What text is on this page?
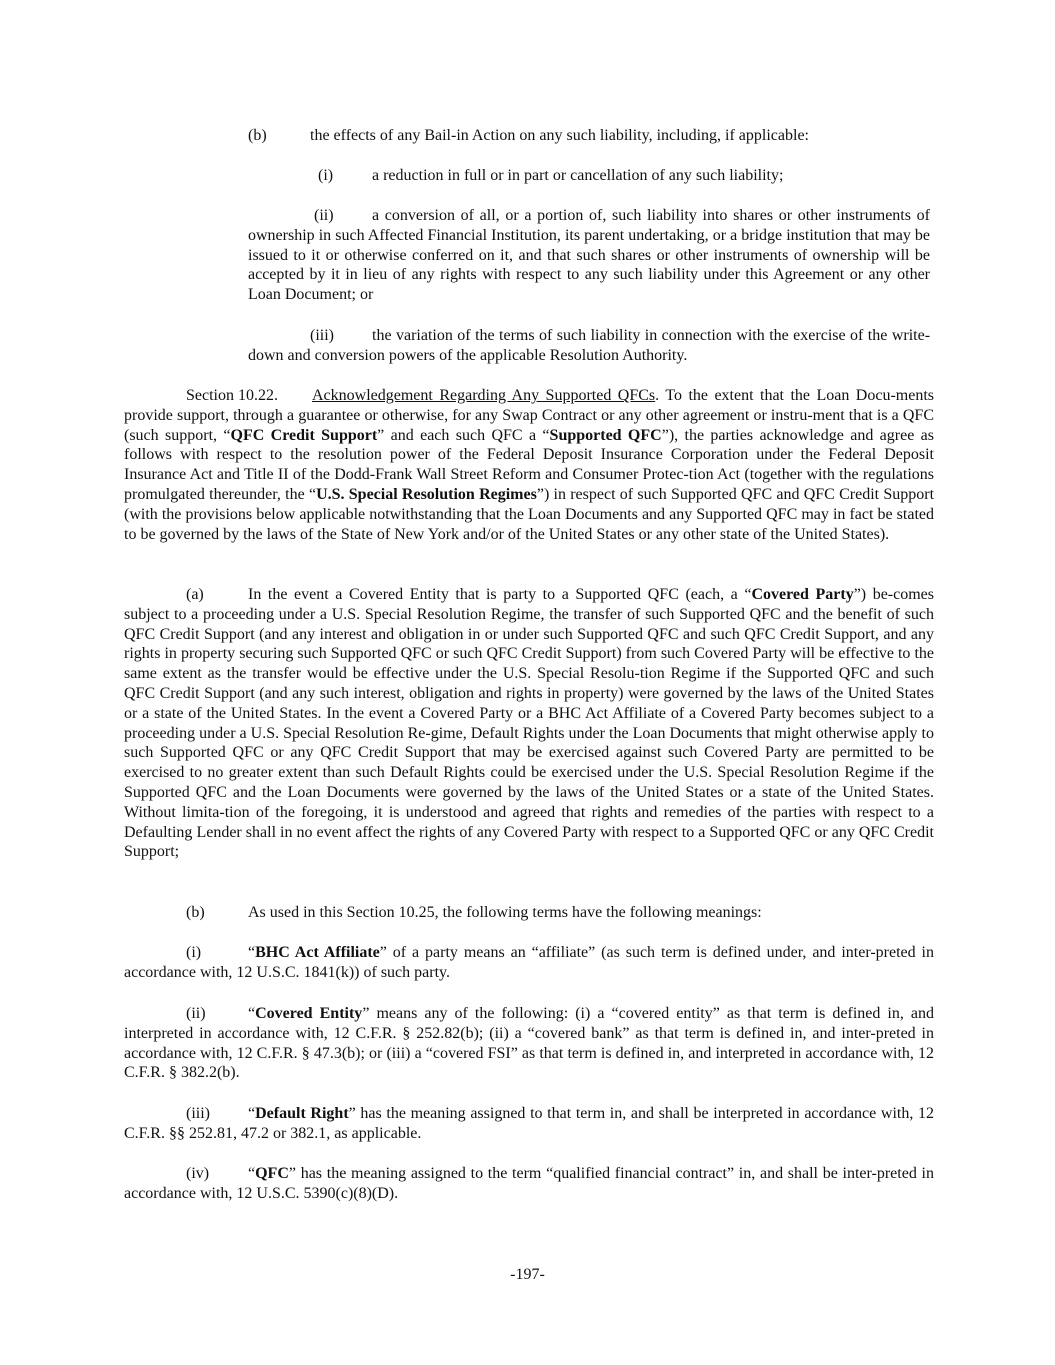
(b)	the effects of any Bail-in Action on any such liability, including, if applicable:
(i) a reduction in full or in part or cancellation of any such liability;
(ii) a conversion of all, or a portion of, such liability into shares or other instruments of ownership in such Affected Financial Institution, its parent undertaking, or a bridge institution that may be issued to it or otherwise conferred on it, and that such shares or other instruments of ownership will be accepted by it in lieu of any rights with respect to any such liability under this Agreement or any other Loan Document; or
(iii) the variation of the terms of such liability in connection with the exercise of the write-down and conversion powers of the applicable Resolution Authority.
Section 10.22. Acknowledgement Regarding Any Supported QFCs. To the extent that the Loan Docu-ments provide support, through a guarantee or otherwise, for any Swap Contract or any other agreement or instru-ment that is a QFC (such support, “QFC Credit Support” and each such QFC a “Supported QFC”), the parties acknowledge and agree as follows with respect to the resolution power of the Federal Deposit Insurance Corporation under the Federal Deposit Insurance Act and Title II of the Dodd-Frank Wall Street Reform and Consumer Protec-tion Act (together with the regulations promulgated thereunder, the “U.S. Special Resolution Regimes”) in respect of such Supported QFC and QFC Credit Support (with the provisions below applicable notwithstanding that the Loan Documents and any Supported QFC may in fact be stated to be governed by the laws of the State of New York and/or of the United States or any other state of the United States).
(a)	In the event a Covered Entity that is party to a Supported QFC (each, a “Covered Party”) be-comes subject to a proceeding under a U.S. Special Resolution Regime, the transfer of such Supported QFC and the benefit of such QFC Credit Support (and any interest and obligation in or under such Supported QFC and such QFC Credit Support, and any rights in property securing such Supported QFC or such QFC Credit Support) from such Covered Party will be effective to the same extent as the transfer would be effective under the U.S. Special Resolu-tion Regime if the Supported QFC and such QFC Credit Support (and any such interest, obligation and rights in property) were governed by the laws of the United States or a state of the United States. In the event a Covered Party or a BHC Act Affiliate of a Covered Party becomes subject to a proceeding under a U.S. Special Resolution Re-gime, Default Rights under the Loan Documents that might otherwise apply to such Supported QFC or any QFC Credit Support that may be exercised against such Covered Party are permitted to be exercised to no greater extent than such Default Rights could be exercised under the U.S. Special Resolution Regime if the Supported QFC and the Loan Documents were governed by the laws of the United States or a state of the United States. Without limita-tion of the foregoing, it is understood and agreed that rights and remedies of the parties with respect to a Defaulting Lender shall in no event affect the rights of any Covered Party with respect to a Supported QFC or any QFC Credit Support;
(b)	As used in this Section 10.25, the following terms have the following meanings:
(i)	“BHC Act Affiliate” of a party means an “affiliate” (as such term is defined under, and inter-preted in accordance with, 12 U.S.C. 1841(k)) of such party.
(ii)	“Covered Entity” means any of the following: (i) a “covered entity” as that term is defined in, and interpreted in accordance with, 12 C.F.R. § 252.82(b); (ii) a “covered bank” as that term is defined in, and inter-preted in accordance with, 12 C.F.R. § 47.3(b); or (iii) a “covered FSI” as that term is defined in, and interpreted in accordance with, 12 C.F.R. § 382.2(b).
(iii) “Default Right” has the meaning assigned to that term in, and shall be interpreted in accordance with, 12 C.F.R. §§ 252.81, 47.2 or 382.1, as applicable.
(iv) “QFC” has the meaning assigned to the term “qualified financial contract” in, and shall be inter-preted in accordance with, 12 U.S.C. 5390(c)(8)(D).
-197-
